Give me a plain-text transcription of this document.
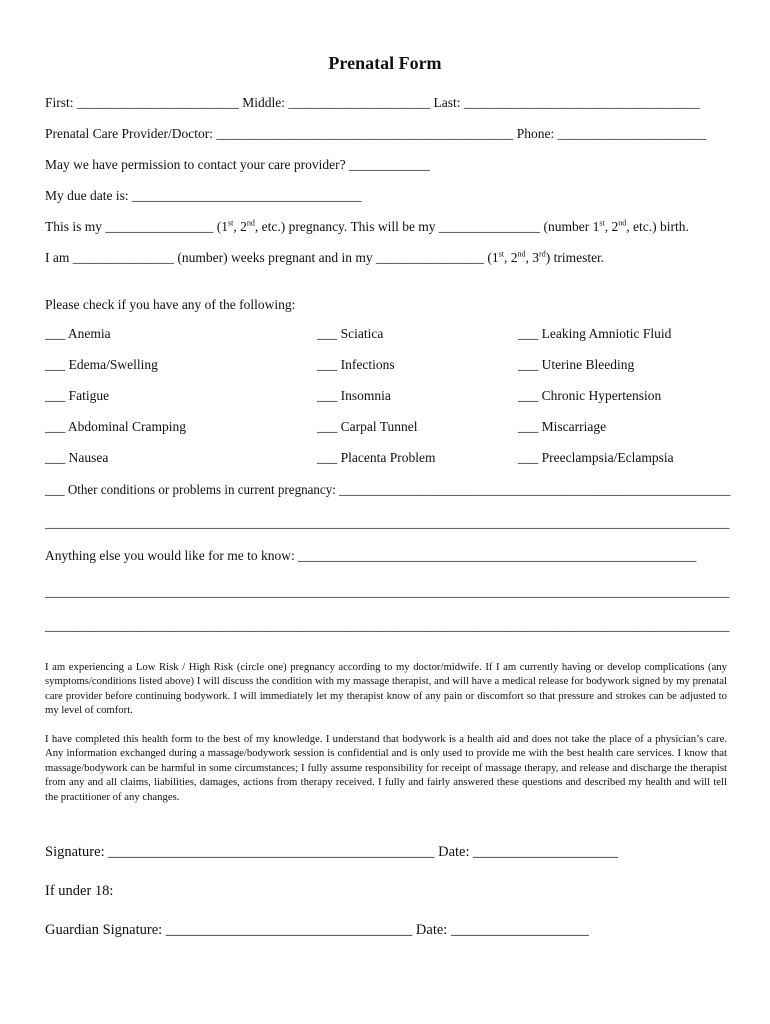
Prenatal Form
First: ________________________ Middle: _____________________ Last: ___________________________________
Prenatal Care Provider/Doctor: ____________________________________________ Phone: ______________________
May we have permission to contact your care provider? ____________
My due date is: __________________________________
This is my ________________ (1st, 2nd, etc.) pregnancy. This will be my _______________ (number 1st, 2nd, etc.) birth.
I am _______________ (number) weeks pregnant and in my ________________ (1st, 2nd, 3rd) trimester.
Please check if you have any of the following:
___ Anemia	___ Sciatica	___ Leaking Amniotic Fluid
___ Edema/Swelling	___ Infections	___ Uterine Bleeding
___ Fatigue	___ Insomnia	___ Chronic Hypertension
___ Abdominal Cramping	___ Carpal Tunnel	___ Miscarriage
___ Nausea	___ Placenta Problem	___ Preeclampsia/Eclampsia
___ Other conditions or problems in current pregnancy: ____________________________________________________________
______________________________________________________________________________________________________
Anything else you would like for me to know: ___________________________________________________________
______________________________________________________________________________________________________
______________________________________________________________________________________________________
I am experiencing a Low Risk / High Risk (circle one) pregnancy according to my doctor/midwife. If I am currently having or develop complications (any symptoms/conditions listed above) I will discuss the condition with my massage therapist, and will have a medical release for bodywork signed by my prenatal care provider before continuing bodywork. I will immediately let my therapist know of any pain or discomfort so that pressure and strokes can be adjusted to my level of comfort.
I have completed this health form to the best of my knowledge. I understand that bodywork is a health aid and does not take the place of a physician’s care. Any information exchanged during a massage/bodywork session is confidential and is only used to provide me with the best health care services. I know that massage/bodywork can be harmful in some circumstances; I fully assume responsibility for receipt of massage therapy, and release and discharge the therapist from any and all claims, liabilities, damages, actions from therapy received. I fully and fairly answered these questions and described my health and will tell the practitioner of any changes.
Signature: _____________________________________________ Date: ____________________
If under 18:
Guardian Signature: __________________________________ Date: ___________________
